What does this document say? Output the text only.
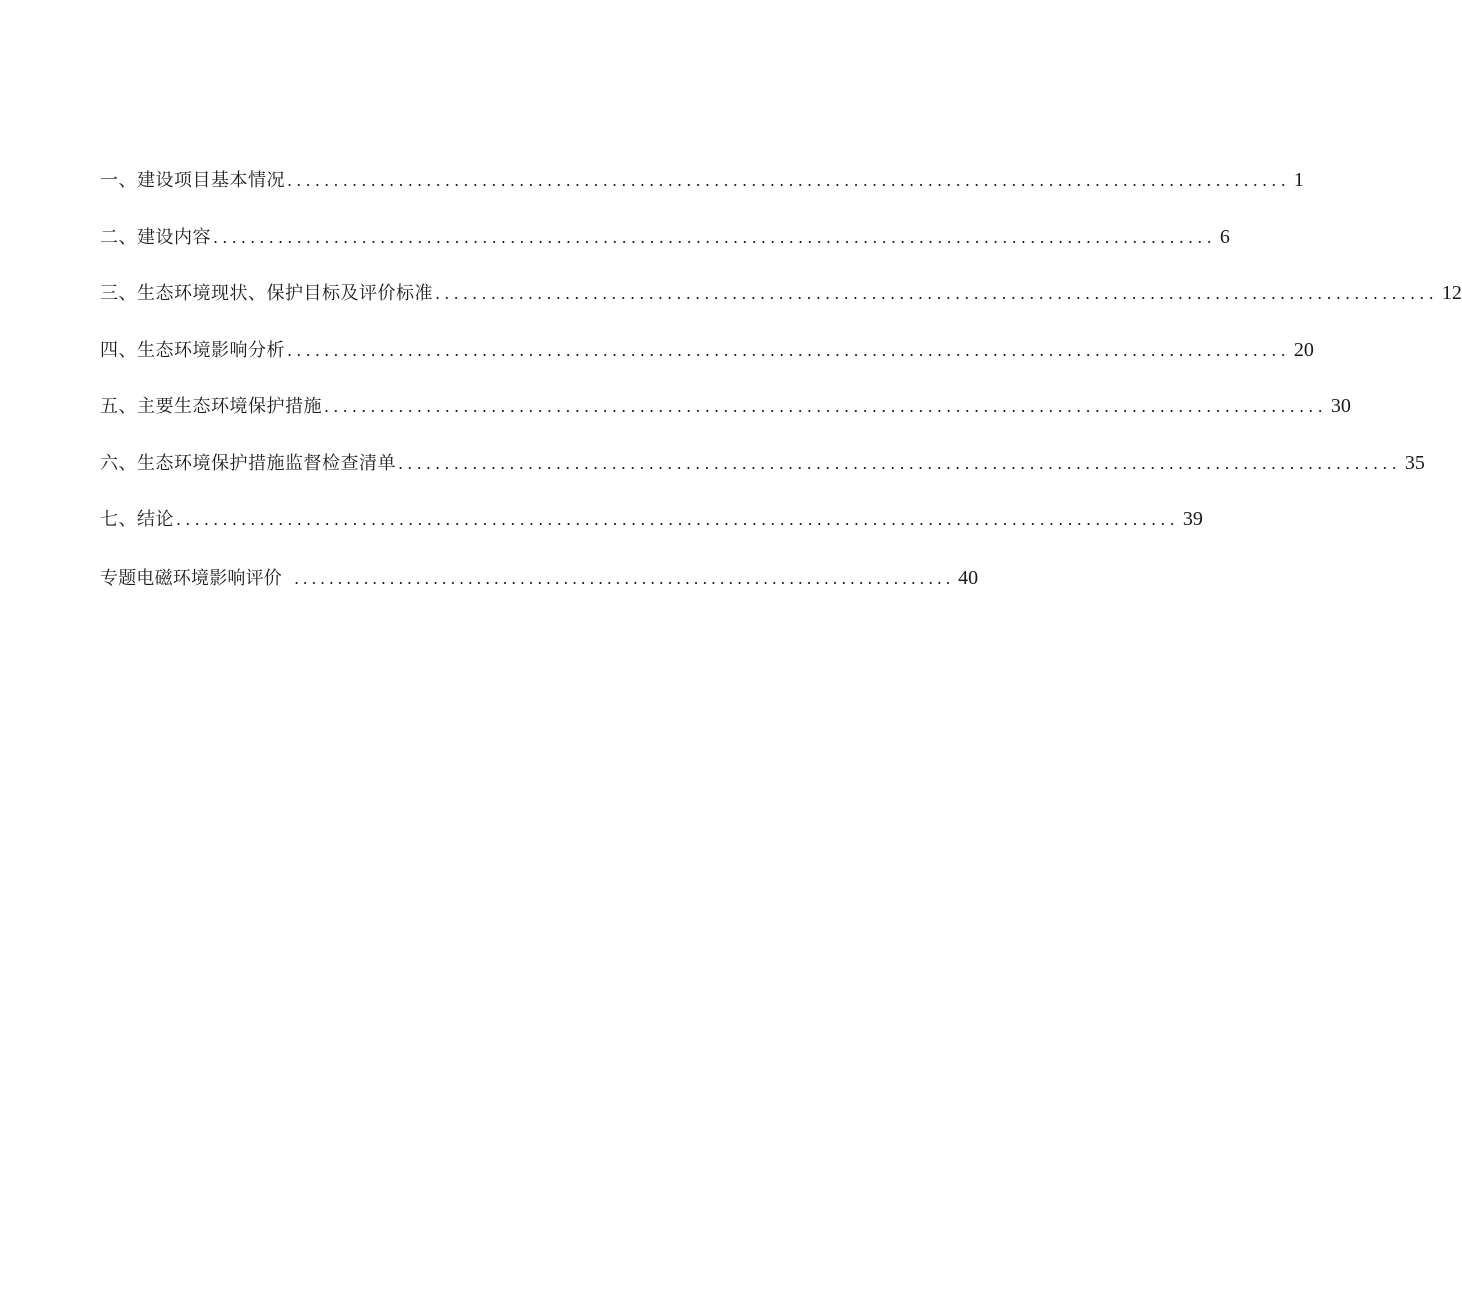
一、建设项目基本情况 ............................................................................................................ 1
二、建设内容 ............................................................................................................ 6
三、生态环境现状、保护目标及评价标准 ............................................................................................................ 12
四、生态环境影响分析 ............................................................................................................ 20
五、主要生态环境保护措施 ............................................................................................................ 30
六、生态环境保护措施监督检查清单 ............................................................................................................ 35
七、结论 ............................................................................................................ 39
专题电磁环境影响评价 ............................................................................ 40
